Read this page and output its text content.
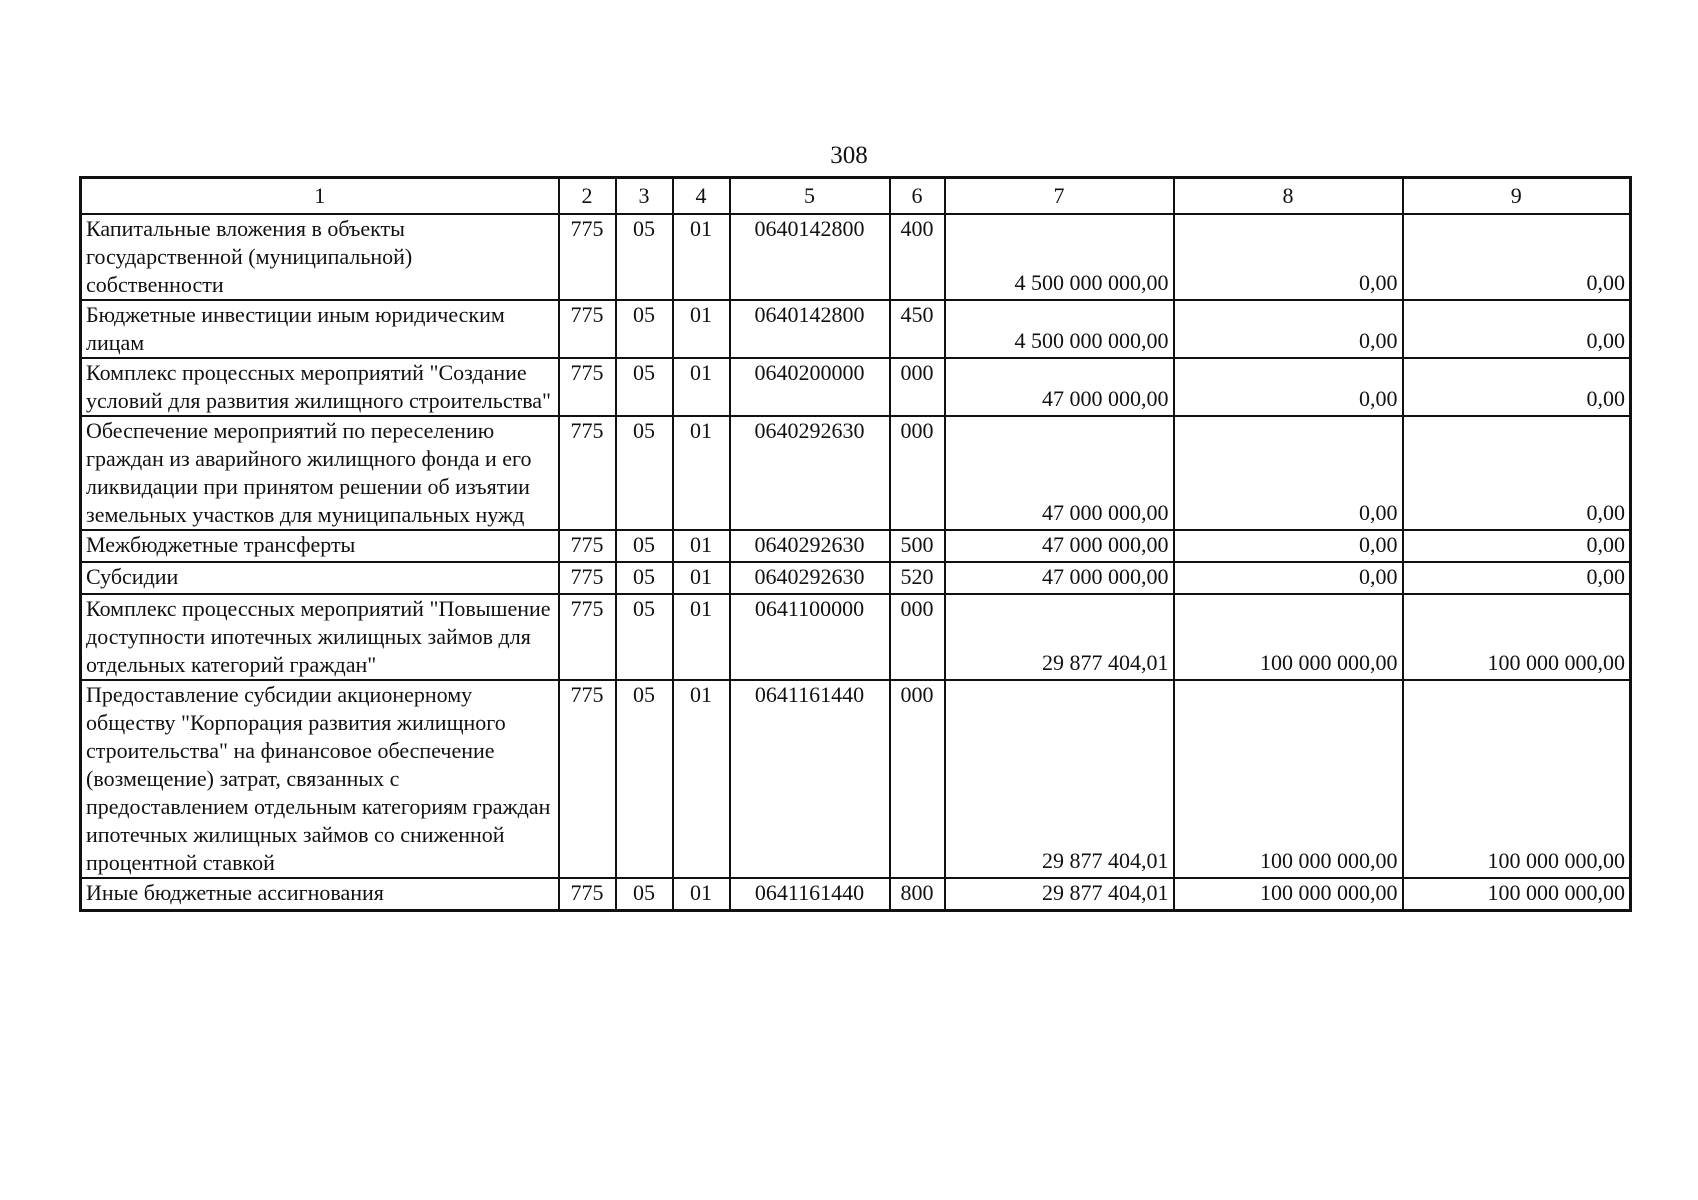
308
1	2	3	4	5	6	7	8	9
Капитальные вложения в объекты государственной (муниципальной) собственности	775	05	01	0640142800	400	4 500 000 000,00	0,00	0,00
Бюджетные инвестиции иным юридическим лицам	775	05	01	0640142800	450	4 500 000 000,00	0,00	0,00
Комплекс процессных мероприятий "Создание условий для развития жилищного строительства"	775	05	01	0640200000	000	47 000 000,00	0,00	0,00
Обеспечение мероприятий по переселению граждан из аварийного жилищного фонда и его ликвидации при принятом решении об изъятии земельных участков для муниципальных нужд	775	05	01	0640292630	000	47 000 000,00	0,00	0,00
Межбюджетные трансферты	775	05	01	0640292630	500	47 000 000,00	0,00	0,00
Субсидии	775	05	01	0640292630	520	47 000 000,00	0,00	0,00
Комплекс процессных мероприятий "Повышение доступности ипотечных жилищных займов для отдельных категорий граждан"	775	05	01	0641100000	000	29 877 404,01	100 000 000,00	100 000 000,00
Предоставление субсидии акционерному обществу "Корпорация развития жилищного строительства" на финансовое обеспечение (возмещение) затрат, связанных с предоставлением отдельным категориям граждан ипотечных жилищных займов со сниженной процентной ставкой	775	05	01	0641161440	000	29 877 404,01	100 000 000,00	100 000 000,00
Иные бюджетные ассигнования	775	05	01	0641161440	800	29 877 404,01	100 000 000,00	100 000 000,00
